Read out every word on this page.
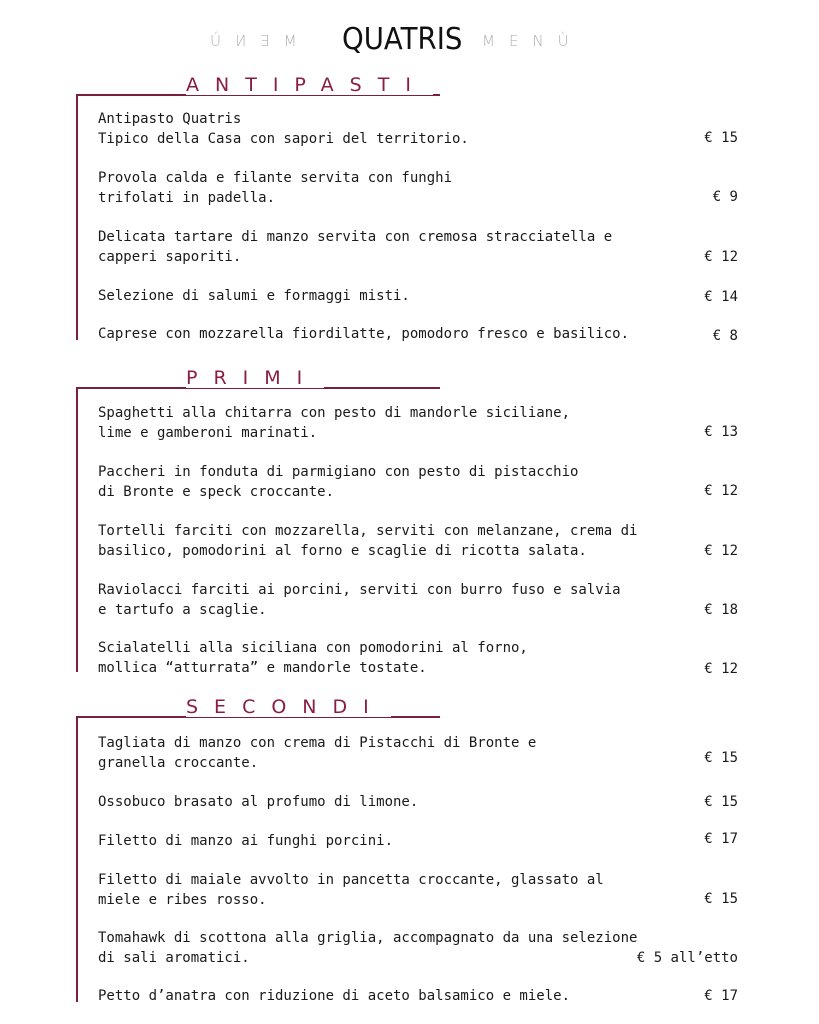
MENÙ QUATRIS MENÙ
ANTIPASTI
Antipasto Quatris
Tipico della Casa con sapori del territorio.	€ 15
Provola calda e filante servita con funghi
trifolati in padella.	€ 9
Delicata tartare di manzo servita con cremosa stracciatella e
capperi saporiti.	€ 12
Selezione di salumi e formaggi misti.	€ 14
Caprese con mozzarella fiordilatte, pomodoro fresco e basilico.	€ 8
PRIMI
Spaghetti alla chitarra con pesto di mandorle siciliane,
lime e gamberoni marinati.	€ 13
Paccheri in fonduta di parmigiano con pesto di pistacchio
di Bronte e speck croccante.	€ 12
Tortelli farciti con mozzarella, serviti con melanzane, crema di
basilico, pomodorini al forno e scaglie di ricotta salata.	€ 12
Raviolacci farciti ai porcini, serviti con burro fuso e salvia
e tartufo a scaglie.	€ 18
Scialatelli alla siciliana con pomodorini al forno,
mollica “atturrata” e mandorle tostate.	€ 12
SECONDI
Tagliata di manzo con crema di Pistacchi di Bronte e
granella croccante.	€ 15
Ossobuco brasato al profumo di limone.	€ 15
Filetto di manzo ai funghi porcini.	€ 17
Filetto di maiale avvolto in pancetta croccante, glassato al
miele e ribes rosso.	€ 15
Tomahawk di scottona alla griglia, accompagnato da una selezione
di sali aromatici.	€ 5 all’etto
Petto d’anatra con riduzione di aceto balsamico e miele.	€ 17
